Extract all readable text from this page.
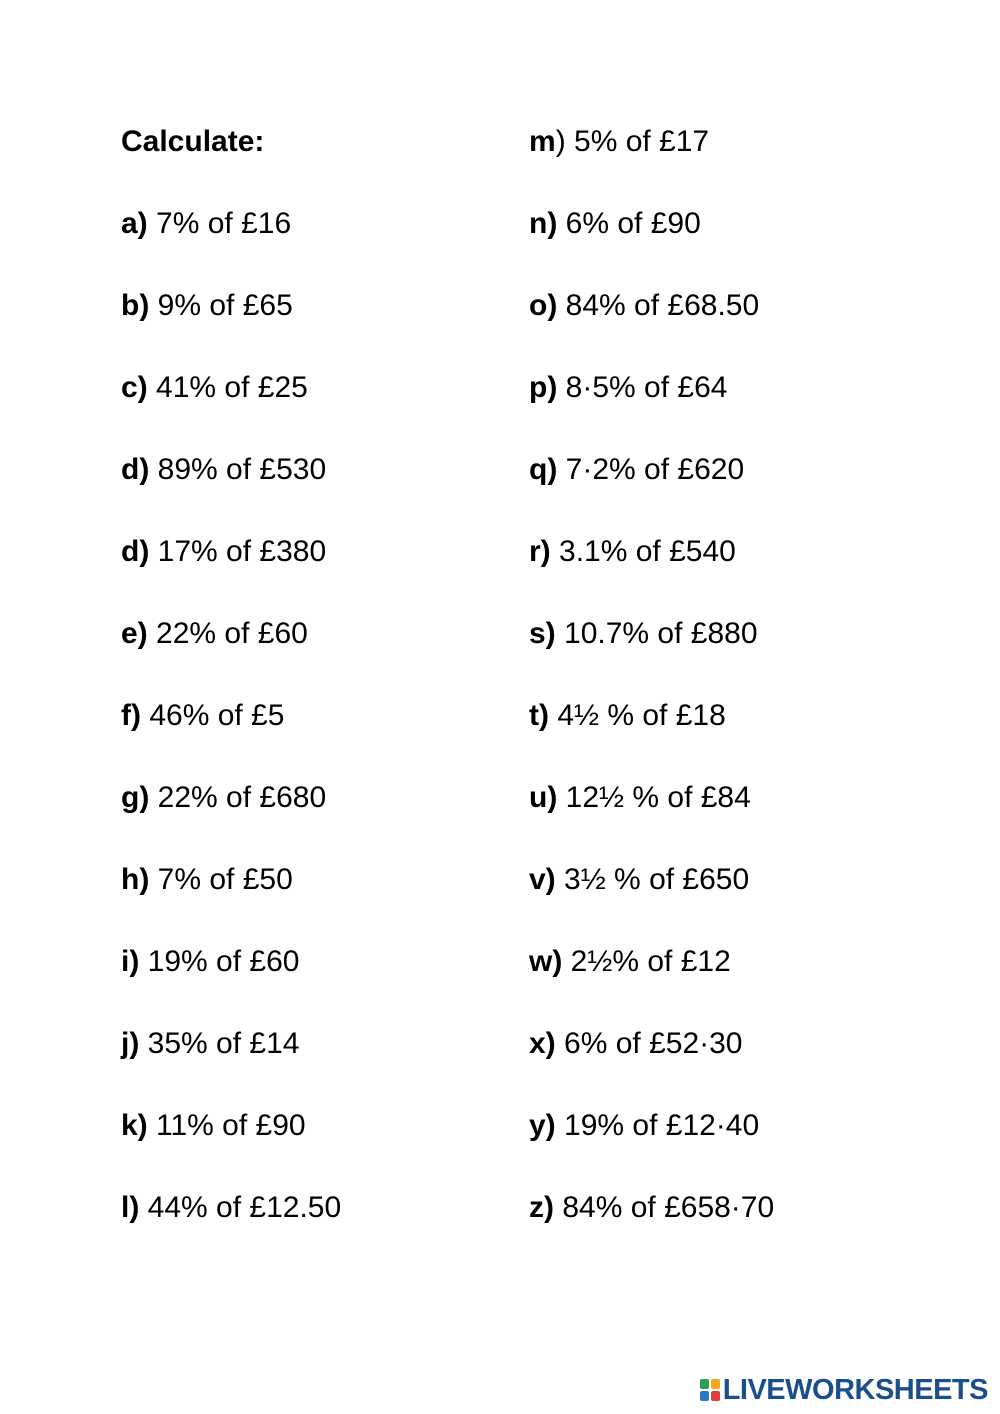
Calculate:
a) 7% of £16
b) 9% of £65
c) 41% of £25
d) 89% of £530
d) 17% of £380
e) 22% of £60
f) 46% of £5
g) 22% of £680
h) 7% of £50
i) 19% of £60
j) 35% of £14
k) 11% of £90
l) 44% of £12.50
m) 5% of £17
n) 6% of £90
o) 84% of £68.50
p) 8·5% of £64
q) 7·2% of £620
r) 3.1% of £540
s) 10.7% of £880
t) 4½ % of £18
u) 12½ % of £84
v) 3½ % of £650
w) 2½% of £12
x) 6% of £52·30
y) 19% of £12·40
z) 84% of £658·70
LIVEWORKSHEETS
